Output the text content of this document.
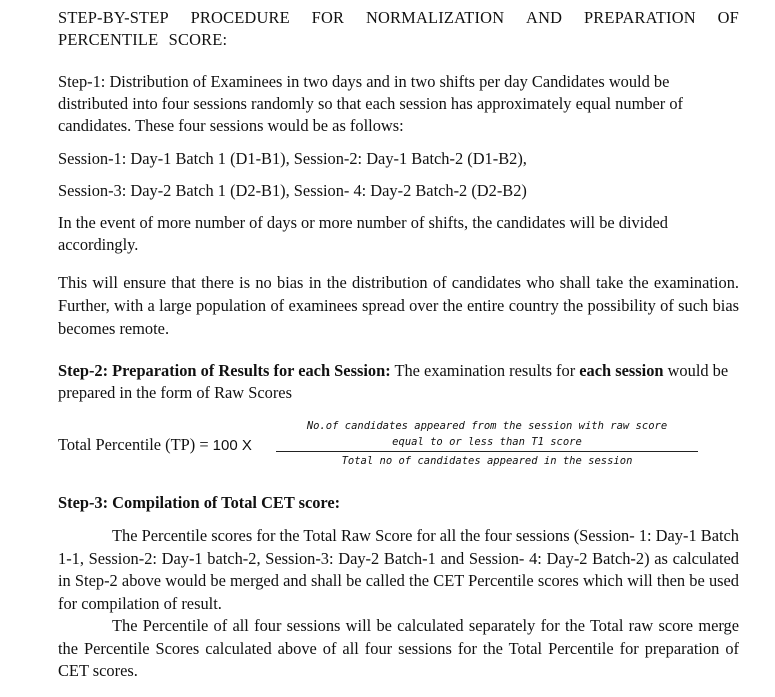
STEP-BY-STEP PROCEDURE FOR NORMALIZATION AND PREPARATION OF
PERCENTILE SCORE:

Step-1: Distribution of Examinees in two days and in two shifts per day Candidates would be distributed into four sessions randomly so that each session has approximately equal number of candidates. These four sessions would be as follows:

Session-1: Day-1 Batch 1 (D1-B1), Session-2: Day-1 Batch-2 (D1-B2),

Session-3: Day-2 Batch 1 (D2-B1), Session- 4: Day-2 Batch-2 (D2-B2)

In the event of more number of days or more number of shifts, the candidates will be divided accordingly.

This will ensure that there is no bias in the distribution of candidates who shall take the examination. Further, with a large population of examinees spread over the entire country the possibility of such bias becomes remote.

Step-2: Preparation of Results for each Session: The examination results for each session would be prepared in the form of Raw Scores

Total Percentile (TP) = 100 X
No.of candidates appeared from the session with raw score
equal to or less than T1 score
Total no of candidates appeared in the session

Step-3: Compilation of Total CET score:

The Percentile scores for the Total Raw Score for all the four sessions (Session- 1: Day-1 Batch 1-1, Session-2: Day-1 batch-2, Session-3: Day-2 Batch-1 and Session- 4: Day-2 Batch-2) as calculated in Step-2 above would be merged and shall be called the CET Percentile scores which will then be used for compilation of result.

The Percentile of all four sessions will be calculated separately for the Total raw score merge the Percentile Scores calculated above of all four sessions for the Total Percentile for preparation of CET scores.
